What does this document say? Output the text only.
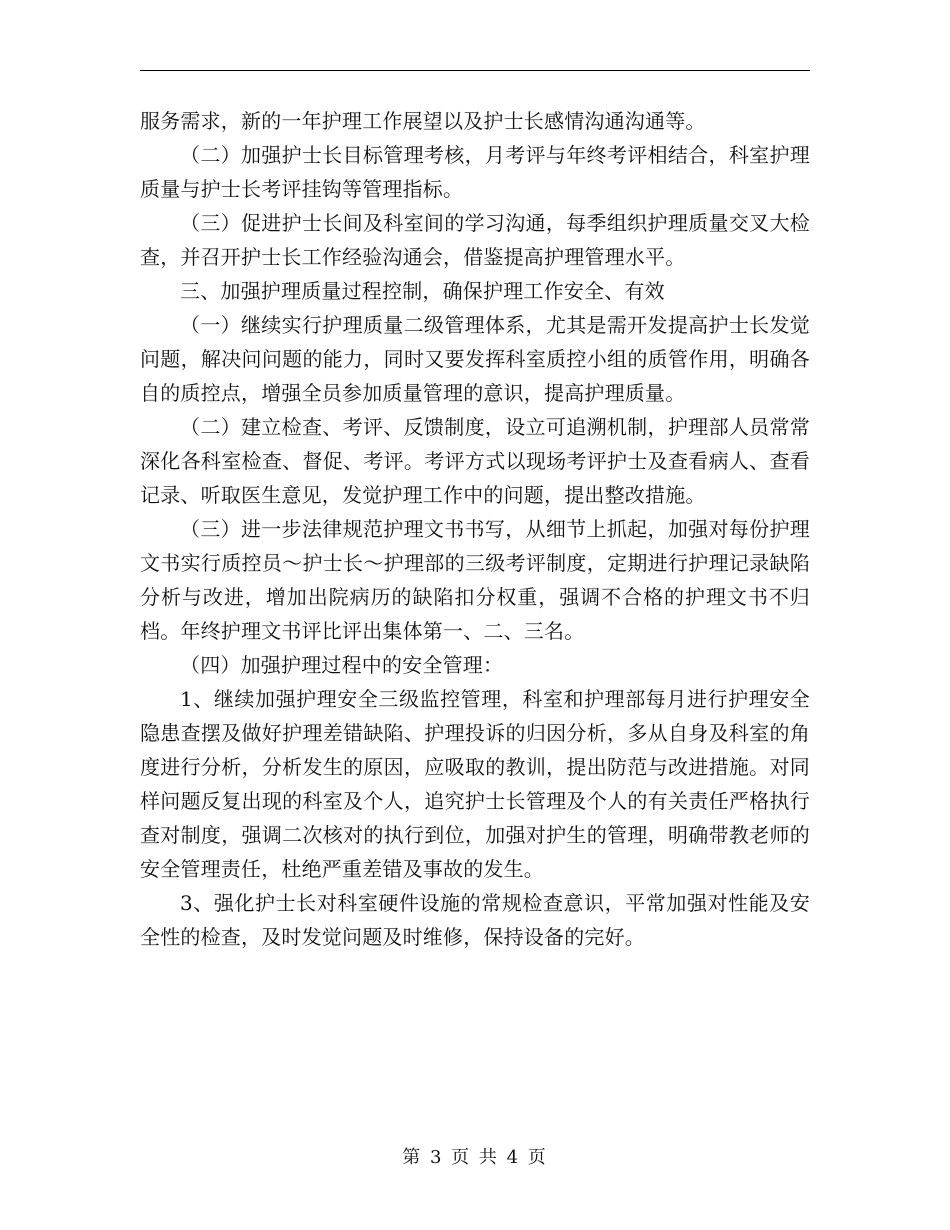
服务需求，新的一年护理工作展望以及护士长感情沟通沟通等。

（二）加强护士长目标管理考核，月考评与年终考评相结合，科室护理质量与护士长考评挂钩等管理指标。

（三）促进护士长间及科室间的学习沟通，每季组织护理质量交叉大检查，并召开护士长工作经验沟通会，借鉴提高护理管理水平。

三、加强护理质量过程控制，确保护理工作安全、有效

（一）继续实行护理质量二级管理体系，尤其是需开发提高护士长发觉问题，解决问问题的能力，同时又要发挥科室质控小组的质管作用，明确各自的质控点，增强全员参加质量管理的意识，提高护理质量。

（二）建立检查、考评、反馈制度，设立可追溯机制，护理部人员常常深化各科室检查、督促、考评。考评方式以现场考评护士及查看病人、查看记录、听取医生意见，发觉护理工作中的问题，提出整改措施。

（三）进一步法律规范护理文书书写，从细节上抓起，加强对每份护理文书实行质控员～护士长～护理部的三级考评制度，定期进行护理记录缺陷分析与改进，增加出院病历的缺陷扣分权重，强调不合格的护理文书不归档。年终护理文书评比评出集体第一、二、三名。

（四）加强护理过程中的安全管理：

1、继续加强护理安全三级监控管理，科室和护理部每月进行护理安全隐患查摆及做好护理差错缺陷、护理投诉的归因分析，多从自身及科室的角度进行分析，分析发生的原因，应吸取的教训，提出防范与改进措施。对同样问题反复出现的科室及个人，追究护士长管理及个人的有关责任严格执行查对制度，强调二次核对的执行到位，加强对护生的管理，明确带教老师的安全管理责任，杜绝严重差错及事故的发生。

3、强化护士长对科室硬件设施的常规检查意识，平常加强对性能及安全性的检查，及时发觉问题及时维修，保持设备的完好。

第 3 页 共 4 页
